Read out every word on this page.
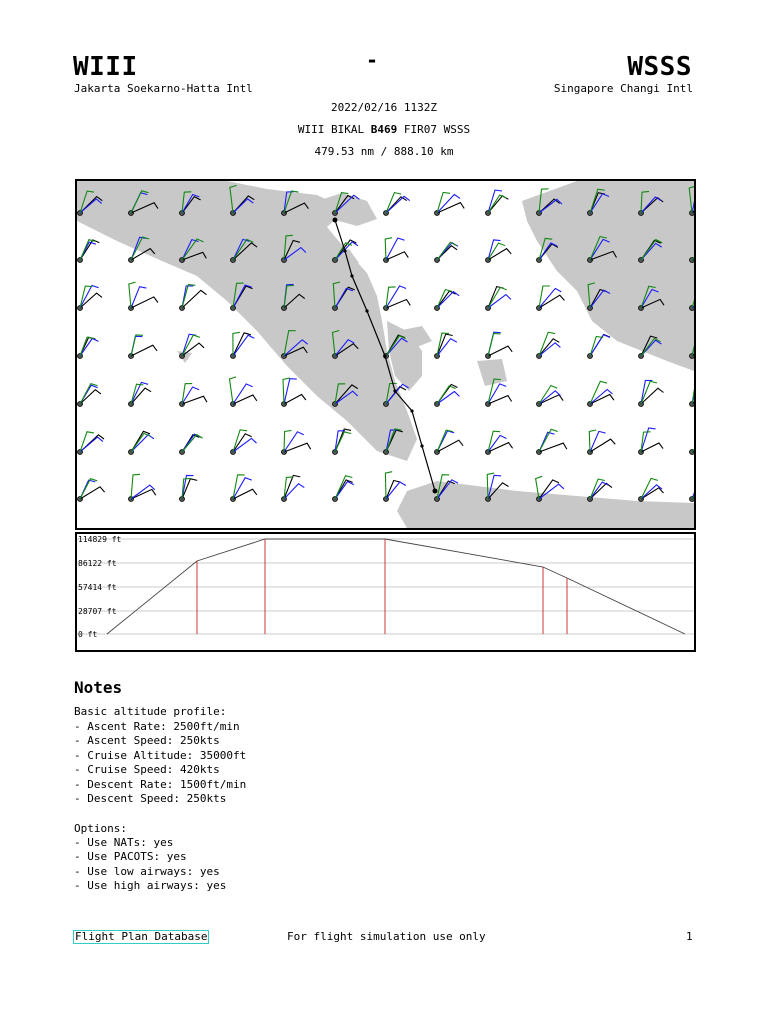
WIII	WSSS
-
Jakarta Soekarno-Hatta Intl	Singapore Changi Intl
2022/02/16 1132Z
WIII BIKAL B469 FIR07 WSSS
479.53 nm / 888.10 km
114829 ft
86122 ft
57414 ft
28707 ft
0 ft
Notes
Basic altitude profile:
- Ascent Rate: 2500ft/min
- Ascent Speed: 250kts
- Cruise Altitude: 35000ft
- Cruise Speed: 420kts
- Descent Rate: 1500ft/min
- Descent Speed: 250kts
Options:
- Use NATs: yes
- Use PACOTS: yes
- Use low airways: yes
- Use high airways: yes
Flight Plan Database	For flight simulation use only	1
